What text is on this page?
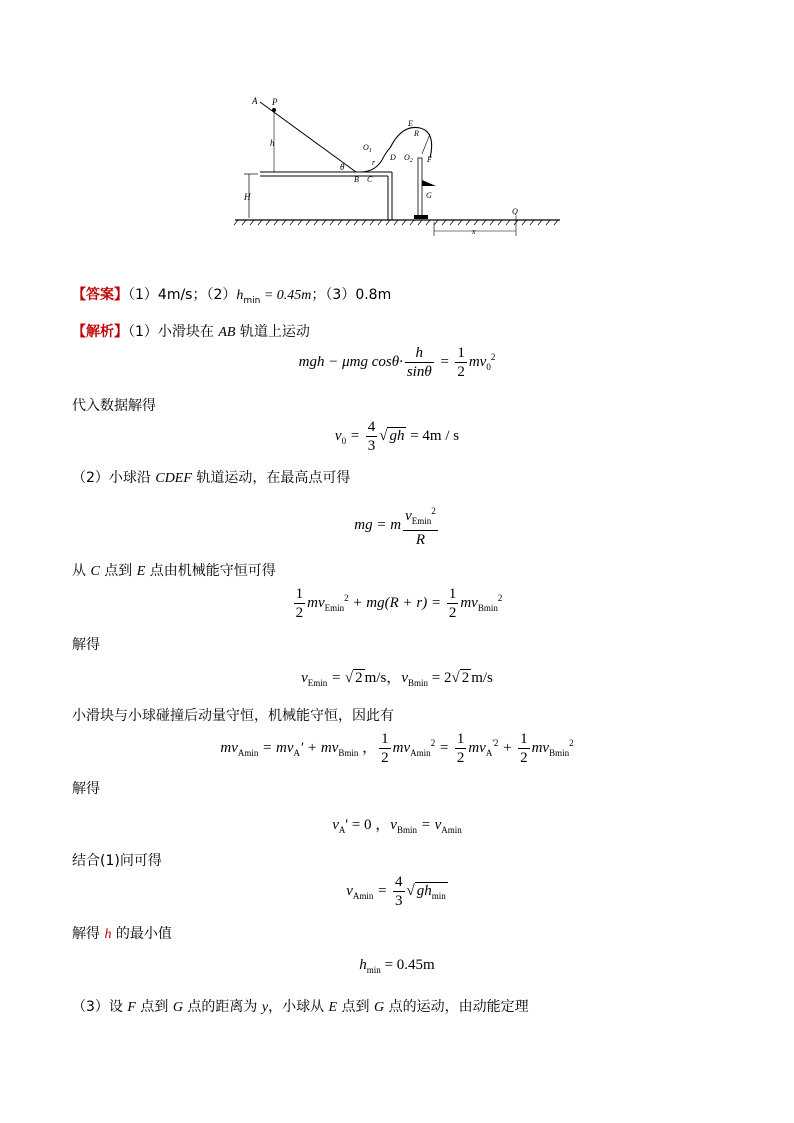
H
A P
h
θ
B C
$O_1$
r
D
E
R
$O_2$ F
G
x
Q
【答案】（1）4m/s；$(2)h_{min} = 0.45m$；（3）0.8m
【解析】（1）小滑块在 AB 轨道上运动
mgh − μmg $\cos\theta\cdot \frac{h}{\sin\theta} = \frac{1}{2} mv_0^2$
代入数据解得
$v_0 = \frac{4}{3}$ √ gh = 4m / s
（2）小球沿 CDEF 轨道运动，在最高点可得
mg = m $\frac{v_{Emin}^2}{R}$
从 C 点到 E 点由机械能守恒可得
$\frac{1}{2} mv_{Emin}^2 + mg(R + r) = \frac{1}{2} mv_{Bmin}^2$
解得
$v_{Emin}$ = √ 2 m/s，$v_{Bmin} = 2√$ 2 m/s
小滑块与小球碰撞后动量守恒，机械能守恒，因此有
$mv_{Amin} = mv_A' + mv_{Bmin}$ ， $\frac{1}{2} mv_{Amin}^2 = \frac{1}{2} mv_A^{'2} + \frac{1}{2} mv_{Bmin}^2$
解得
$v_A' = 0$ ，$v_{Bmin} = v_{Amin}$
结合(1)问可得
$v_{Amin} = \frac{4}{3}$ √ $gh_{min}$
解得 h 的最小值
$h_{min} = 0.45m$
（3）设 F 点到 G 点的距离为 y，小球从 E 点到 G 点的运动，由动能定理
